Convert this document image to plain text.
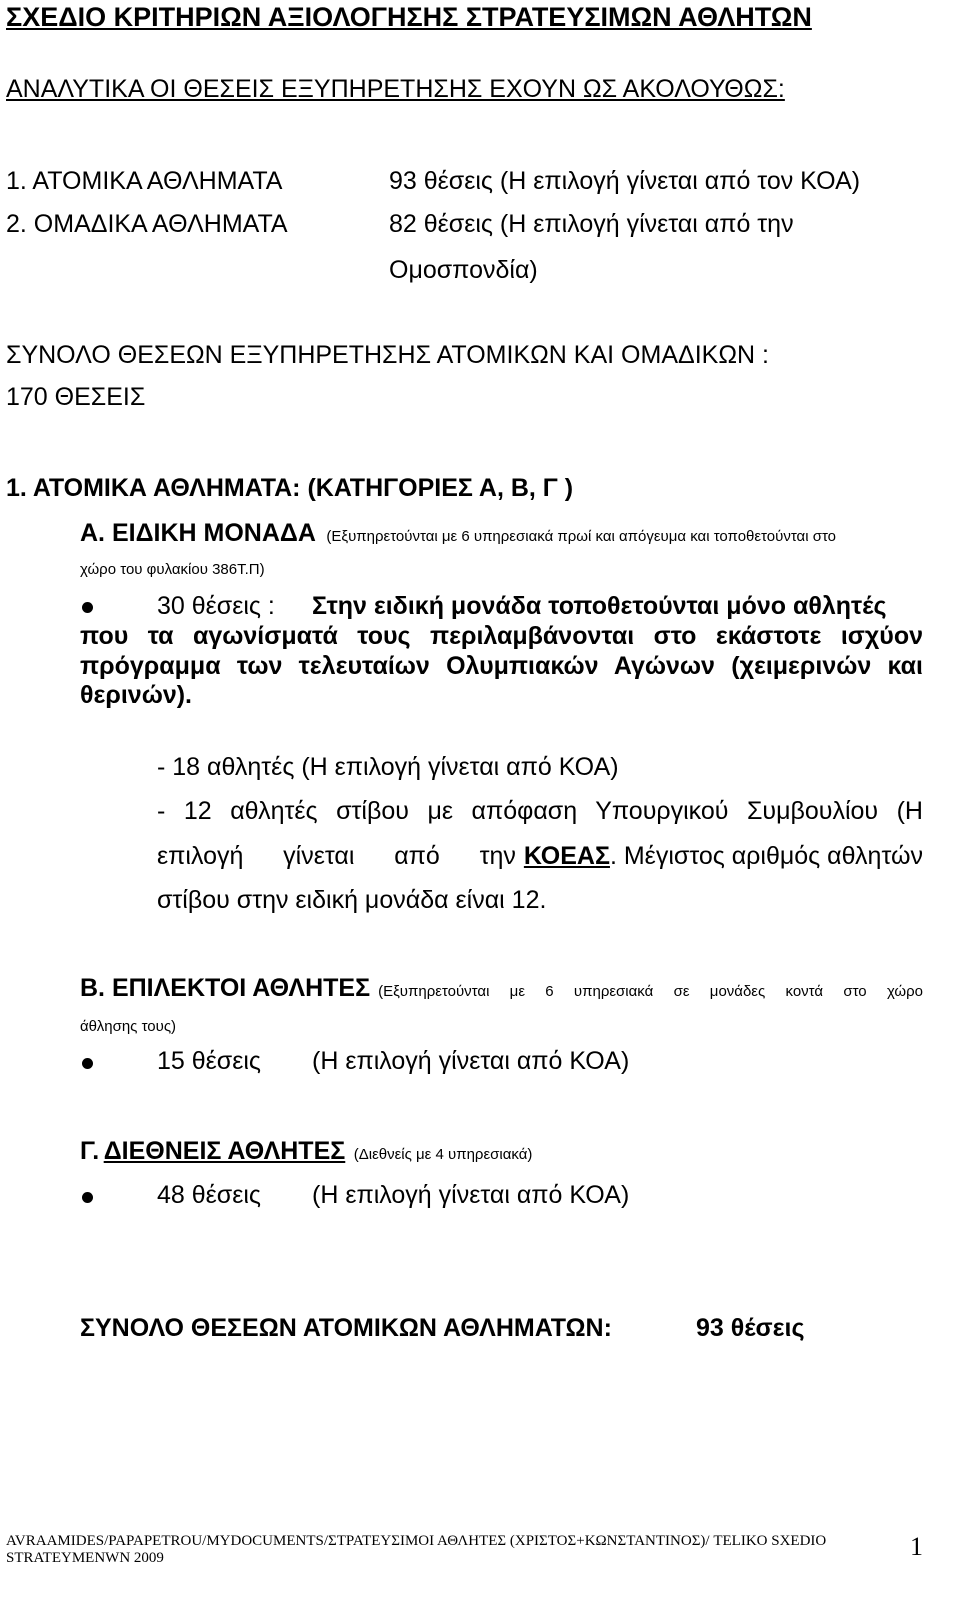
ΣΧΕΔΙΟ ΚΡΙΤΗΡΙΩΝ ΑΞΙΟΛΟΓΗΣΗΣ ΣΤΡΑΤΕΥΣΙΜΩΝ ΑΘΛΗΤΩΝ
ΑΝΑΛΥΤΙΚΑ ΟΙ ΘΕΣΕΙΣ ΕΞΥΠΗΡΕΤΗΣΗΣ ΕΧΟΥΝ ΩΣ ΑΚΟΛΟΥΘΩΣ:
1. ΑΤΟΜΙΚΑ ΑΘΛΗΜΑΤΑ	93 θέσεις (Η επιλογή γίνεται από τον ΚΟΑ)
2. ΟΜΑΔΙΚΑ ΑΘΛΗΜΑΤΑ	82 θέσεις (Η επιλογή γίνεται από την
Ομοσπονδία)
ΣΥΝΟΛΟ ΘΕΣΕΩΝ ΕΞΥΠΗΡΕΤΗΣΗΣ ΑΤΟΜΙΚΩΝ ΚΑΙ ΟΜΑΔΙΚΩΝ :
170 ΘΕΣΕΙΣ
1. ΑΤΟΜΙΚΑ ΑΘΛΗΜΑΤΑ: (ΚΑΤΗΓΟΡΙΕΣ Α, Β, Γ )
Α. ΕΙΔΙΚΗ ΜΟΝΑΔΑ (Εξυπηρετούνται με 6 υπηρεσιακά πρωί και απόγευμα και τοποθετούνται στο
χώρο του φυλακίου 386Τ.Π)
30 θέσεις : Στην ειδική μονάδα τοποθετούνται μόνο αθλητές
που τα αγωνίσματά τους περιλαμβάνονται στο εκάστοτε ισχύον
πρόγραμμα των τελευταίων Ολυμπιακών Αγώνων (χειμερινών και
θερινών).
- 18 αθλητές (Η επιλογή γίνεται από ΚΟΑ)
- 12 αθλητές στίβου με απόφαση Υπουργικού Συμβουλίου (Η
επιλογή γίνεται από την ΚΟΕΑΣ . Μέγιστος αριθμός αθλητών
στίβου στην ειδική μονάδα είναι 12.
Β. ΕΠΙΛΕΚΤΟΙ ΑΘΛΗΤΕΣ (Εξυπηρετούνται με 6 υπηρεσιακά σε μονάδες κοντά στο χώρο
άθλησης τους)
15 θέσεις (Η επιλογή γίνεται από ΚΟΑ)
Γ. ΔΙΕΘΝΕΙΣ ΑΘΛΗΤΕΣ (Διεθνείς με 4 υπηρεσιακά)
48 θέσεις (Η επιλογή γίνεται από ΚΟΑ)
ΣΥΝΟΛΟ ΘΕΣΕΩΝ ΑΤΟΜΙΚΩΝ ΑΘΛΗΜΑΤΩΝ:	93 θέσεις
AVRAAMIDES/PAPAPETROU/MYDOCUMENTS/ΣΤΡΑΤΕΥΣΙΜΟΙ ΑΘΛΗΤΕΣ (ΧΡΙΣΤΟΣ+ΚΩΝΣΤΑΝΤΙΝΟΣ)/ TELIKO SXEDIO
STRATEYMENWN 2009	1
